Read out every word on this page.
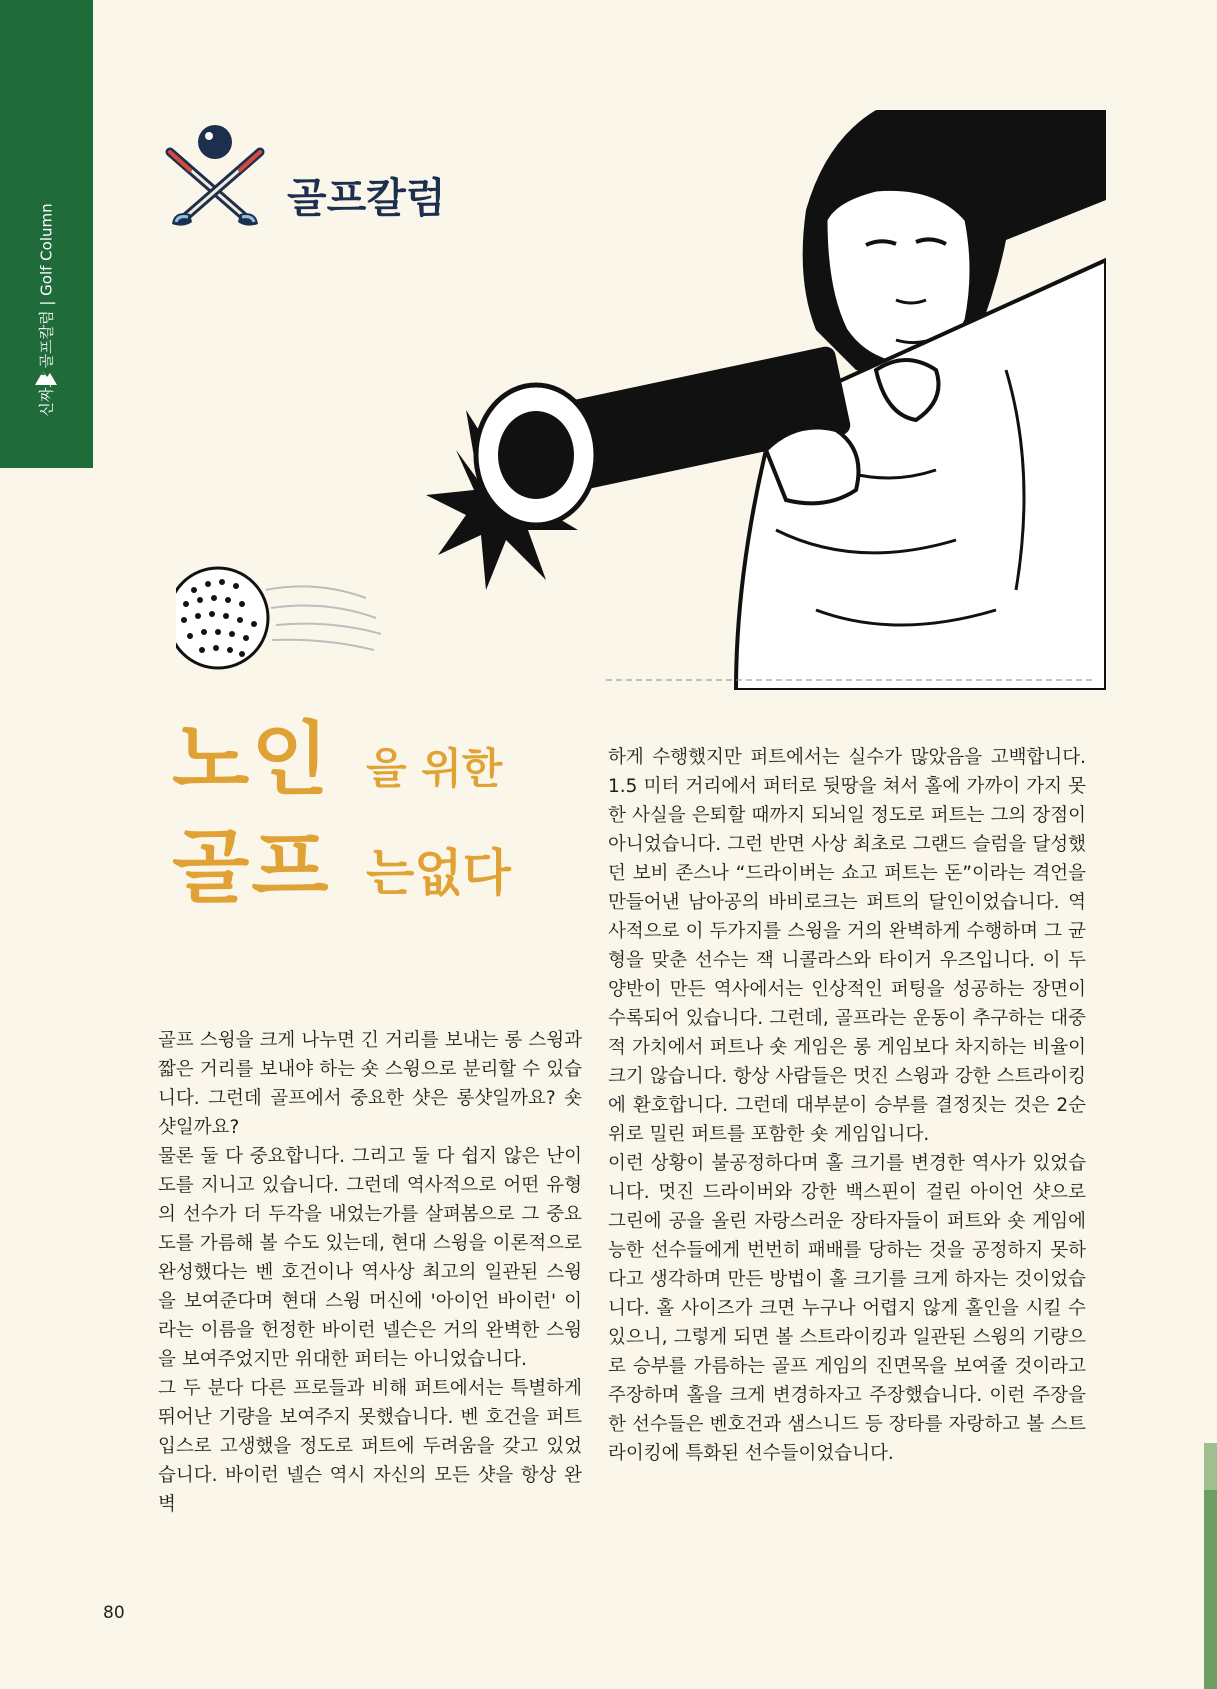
신짜오 골프칼럼 | Golf Column
골프칼럼
노인 을 위한
골프 는없다

골프 스윙을 크게 나누면 긴 거리를 보내는 롱 스윙과 짧은 거리를 보내야 하는 숏 스윙으로 분리할 수 있습니다. 그런데 골프에서 중요한 샷은 롱샷일까요? 숏샷일까요?

물론 둘 다 중요합니다. 그리고 둘 다 쉽지 않은 난이도를 지니고 있습니다. 그런데 역사적으로 어떤 유형의 선수가 더 두각을 내었는가를 살펴봄으로 그 중요도를 가름해 볼 수도 있는데, 현대 스윙을 이론적으로 완성했다는 벤 호건이나 역사상 최고의 일관된 스윙을 보여준다며 현대 스윙 머신에 '아이언 바이런' 이라는 이름을 헌정한 바이런 넬슨은 거의 완벽한 스윙을 보여주었지만 위대한 퍼터는 아니었습니다.

그 두 분다 다른 프로들과 비해 퍼트에서는 특별하게 뛰어난 기량을 보여주지 못했습니다. 벤 호건을 퍼트 입스로 고생했을 정도로 퍼트에 두려움을 갖고 있었습니다. 바이런 넬슨 역시 자신의 모든 샷을 항상 완벽

하게 수행했지만 퍼트에서는 실수가 많았음을 고백합니다. 1.5 미터 거리에서 퍼터로 뒷땅을 쳐서 홀에 가까이 가지 못한 사실을 은퇴할 때까지 되뇌일 정도로 퍼트는 그의 장점이 아니었습니다. 그런 반면 사상 최초로 그랜드 슬럼을 달성했던 보비 존스나 “드라이버는 쇼고 퍼트는 돈”이라는 격언을 만들어낸 남아공의 바비로크는 퍼트의 달인이었습니다. 역사적으로 이 두가지를 스윙을 거의 완벽하게 수행하며 그 균형을 맞춘 선수는 잭 니콜라스와 타이거 우즈입니다. 이 두 양반이 만든 역사에서는 인상적인 퍼팅을 성공하는 장면이 수록되어 있습니다. 그런데, 골프라는 운동이 추구하는 대중적 가치에서 퍼트나 숏 게임은 롱 게임보다 차지하는 비율이 크기 않습니다. 항상 사람들은 멋진 스윙과 강한 스트라이킹에 환호합니다. 그런데 대부분이 승부를 결정짓는 것은 2순위로 밀린 퍼트를 포함한 숏 게임입니다.

이런 상황이 불공정하다며 홀 크기를 변경한 역사가 있었습니다. 멋진 드라이버와 강한 백스핀이 걸린 아이언 샷으로 그린에 공을 올린 자랑스러운 장타자들이 퍼트와 숏 게임에 능한 선수들에게 번번히 패배를 당하는 것을 공정하지 못하다고 생각하며 만든 방법이 홀 크기를 크게 하자는 것이었습니다. 홀 사이즈가 크면 누구나 어렵지 않게 홀인을 시킬 수 있으니, 그렇게 되면 볼 스트라이킹과 일관된 스윙의 기량으로 승부를 가름하는 골프 게임의 진면목을 보여줄 것이라고 주장하며 홀을 크게 변경하자고 주장했습니다. 이런 주장을 한 선수들은 벤호건과 샘스니드 등 장타를 자랑하고 볼 스트라이킹에 특화된 선수들이었습니다.

80
